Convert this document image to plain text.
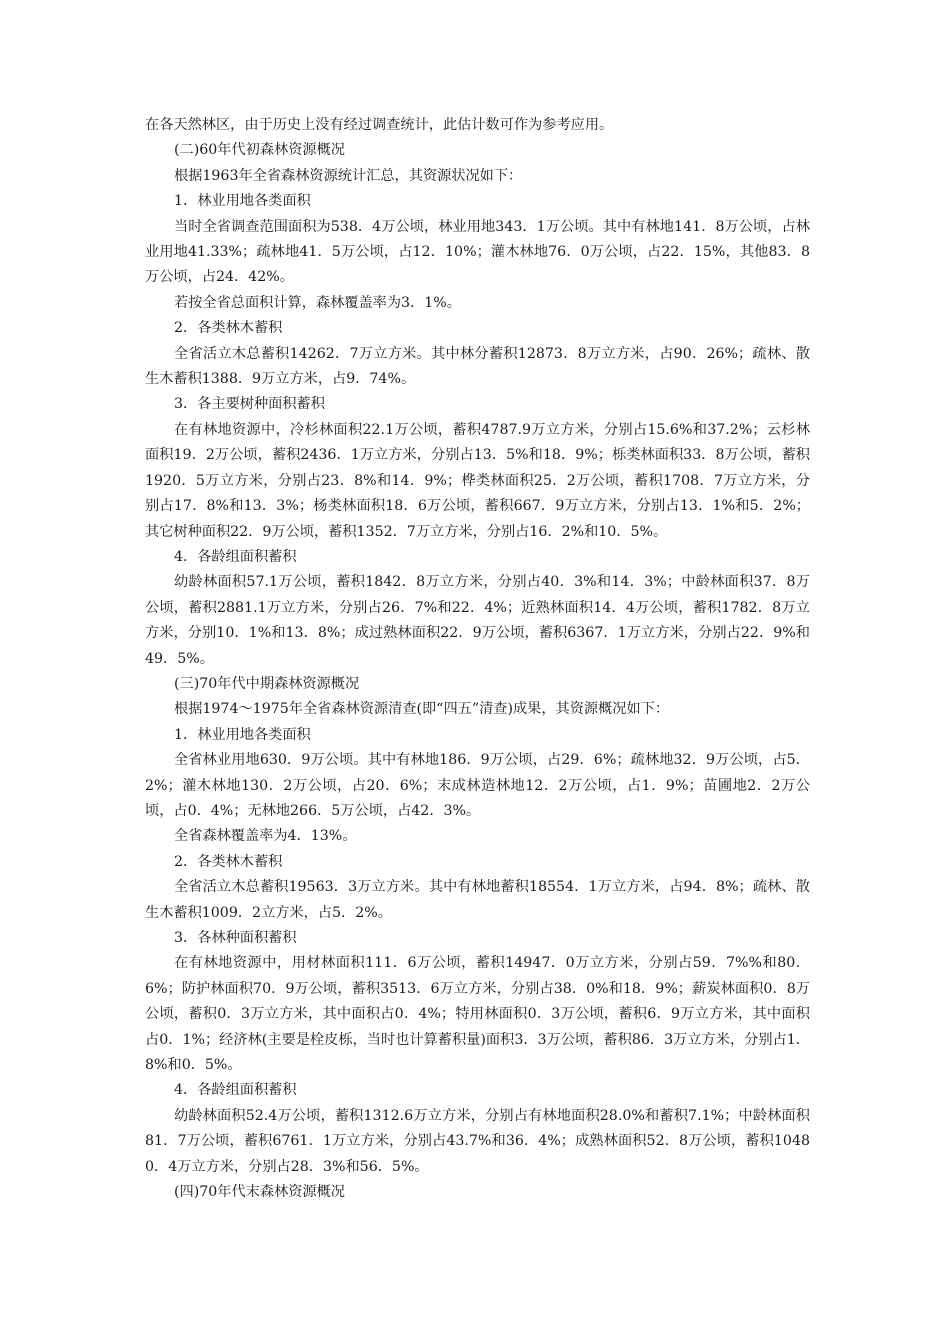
在各天然林区，由于历史上没有经过调查统计，此估计数可作为参考应用。

(二)60年代初森林资源概况

根据1963年全省森林资源统计汇总，其资源状况如下：

1．林业用地各类面积

当时全省调查范围面积为538．4万公顷，林业用地343．1万公顷。其中有林地141．8万公顷，占林业用地41.33%；疏林地41．5万公顷，占12．10%；灌木林地76．0万公顷，占22．15%，其他83．8万公顷，占24．42%。

若按全省总面积计算，森林覆盖率为3．1%。

2．各类林木蓄积

全省活立木总蓄积14262．7万立方米。其中林分蓄积12873．8万立方米，占90．26%；疏林、散生木蓄积1388．9万立方米，占9．74%。

3．各主要树种面积蓄积

在有林地资源中，冷杉林面积22.1万公顷，蓄积4787.9万立方米，分别占15.6%和37.2%；云杉林面积19．2万公顷，蓄积2436．1万立方米，分别占13．5%和18．9%；栎类林面积33．8万公顷，蓄积1920．5万立方米，分别占23．8%和14．9%；桦类林面积25．2万公顷，蓄积1708．7万立方米，分别占17．8%和13．3%；杨类林面积18．6万公顷，蓄积667．9万立方米，分别占13．1%和5．2%；其它树种面积22．9万公顷，蓄积1352．7万立方米，分别占16．2%和10．5%。

4．各龄组面积蓄积

幼龄林面积57.1万公顷，蓄积1842．8万立方米，分别占40．3%和14．3%；中龄林面积37．8万公顷，蓄积2881.1万立方米，分别占26．7%和22．4%；近熟林面积14．4万公顷，蓄积1782．8万立方米，分别10．1%和13．8%；成过熟林面积22．9万公顷，蓄积6367．1万立方米，分别占22．9%和49．5%。

(三)70年代中期森林资源概况

根据1974～1975年全省森林资源清查(即“四五”清查)成果，其资源概况如下：

1．林业用地各类面积

全省林业用地630．9万公顷。其中有林地186．9万公顷，占29．6%；疏林地32．9万公顷，占5．2%；灌木林地130．2万公顷，占20．6%；末成林造林地12．2万公顷，占1．9%；苗圃地2．2万公顷，占0．4%；无林地266．5万公顷，占42．3%。

全省森林覆盖率为4．13%。

2．各类林木蓄积

全省活立木总蓄积19563．3万立方米。其中有林地蓄积18554．1万立方米，占94．8%；疏林、散生木蓄积1009．2立方米，占5．2%。

3．各林种面积蓄积

在有林地资源中，用材林面积111．6万公顷，蓄积14947．0万立方米，分别占59．7%%和80．6%；防护林面积70．9万公顷，蓄积3513．6万立方米，分别占38．0%和18．9%；薪炭林面积0．8万公顷，蓄积0．3万立方米，其中面积占0．4%；特用林面积0．3万公顷，蓄积6．9万立方米，其中面积占0．1%；经济林(主要是栓皮栎，当时也计算蓄积量)面积3．3万公顷，蓄积86．3万立方米，分别占1．8%和0．5%。

4．各龄组面积蓄积

幼龄林面积52.4万公顷，蓄积1312.6万立方米，分别占有林地面积28.0%和蓄积7.1%；中龄林面积81．7万公顷，蓄积6761．1万立方米，分别占43.7%和36．4%；成熟林面积52．8万公顷，蓄积10480．4万立方米，分别占28．3%和56．5%。

(四)70年代末森林资源概况
